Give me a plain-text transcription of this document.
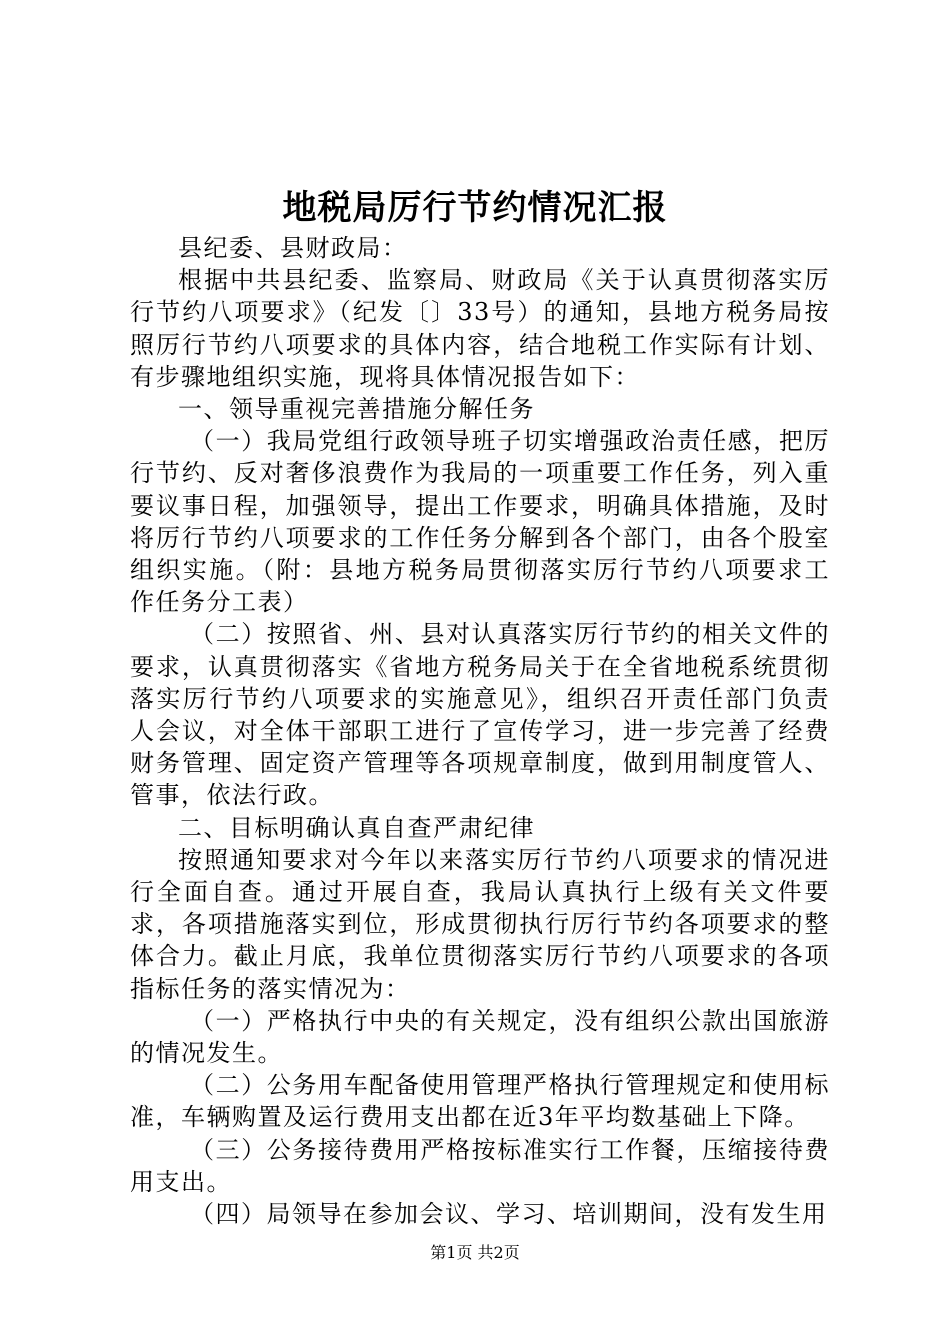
地税局厉行节约情况汇报

县纪委、县财政局：

根据中共县纪委、监察局、财政局《关于认真贯彻落实厉行节约八项要求》（纪发〔〕33号）的通知，县地方税务局按照厉行节约八项要求的具体内容，结合地税工作实际有计划、有步骤地组织实施，现将具体情况报告如下：

一、领导重视完善措施分解任务

（一）我局党组行政领导班子切实增强政治责任感，把厉行节约、反对奢侈浪费作为我局的一项重要工作任务，列入重要议事日程，加强领导，提出工作要求，明确具体措施，及时将厉行节约八项要求的工作任务分解到各个部门，由各个股室组织实施。（附：县地方税务局贯彻落实厉行节约八项要求工作任务分工表）

（二）按照省、州、县对认真落实厉行节约的相关文件的要求，认真贯彻落实《省地方税务局关于在全省地税系统贯彻落实厉行节约八项要求的实施意见》，组织召开责任部门负责人会议，对全体干部职工进行了宣传学习，进一步完善了经费财务管理、固定资产管理等各项规章制度，做到用制度管人、管事，依法行政。

二、目标明确认真自查严肃纪律

按照通知要求对今年以来落实厉行节约八项要求的情况进行全面自查。通过开展自查，我局认真执行上级有关文件要求，各项措施落实到位，形成贯彻执行厉行节约各项要求的整体合力。截止月底，我单位贯彻落实厉行节约八项要求的各项指标任务的落实情况为：

（一）严格执行中央的有关规定，没有组织公款出国旅游的情况发生。

（二）公务用车配备使用管理严格执行管理规定和使用标准，车辆购置及运行费用支出都在近3年平均数基础上下降。

（三）公务接待费用严格按标准实行工作餐，压缩接待费用支出。

（四）局领导在参加会议、学习、培训期间，没有发生用

第1页 共2页
